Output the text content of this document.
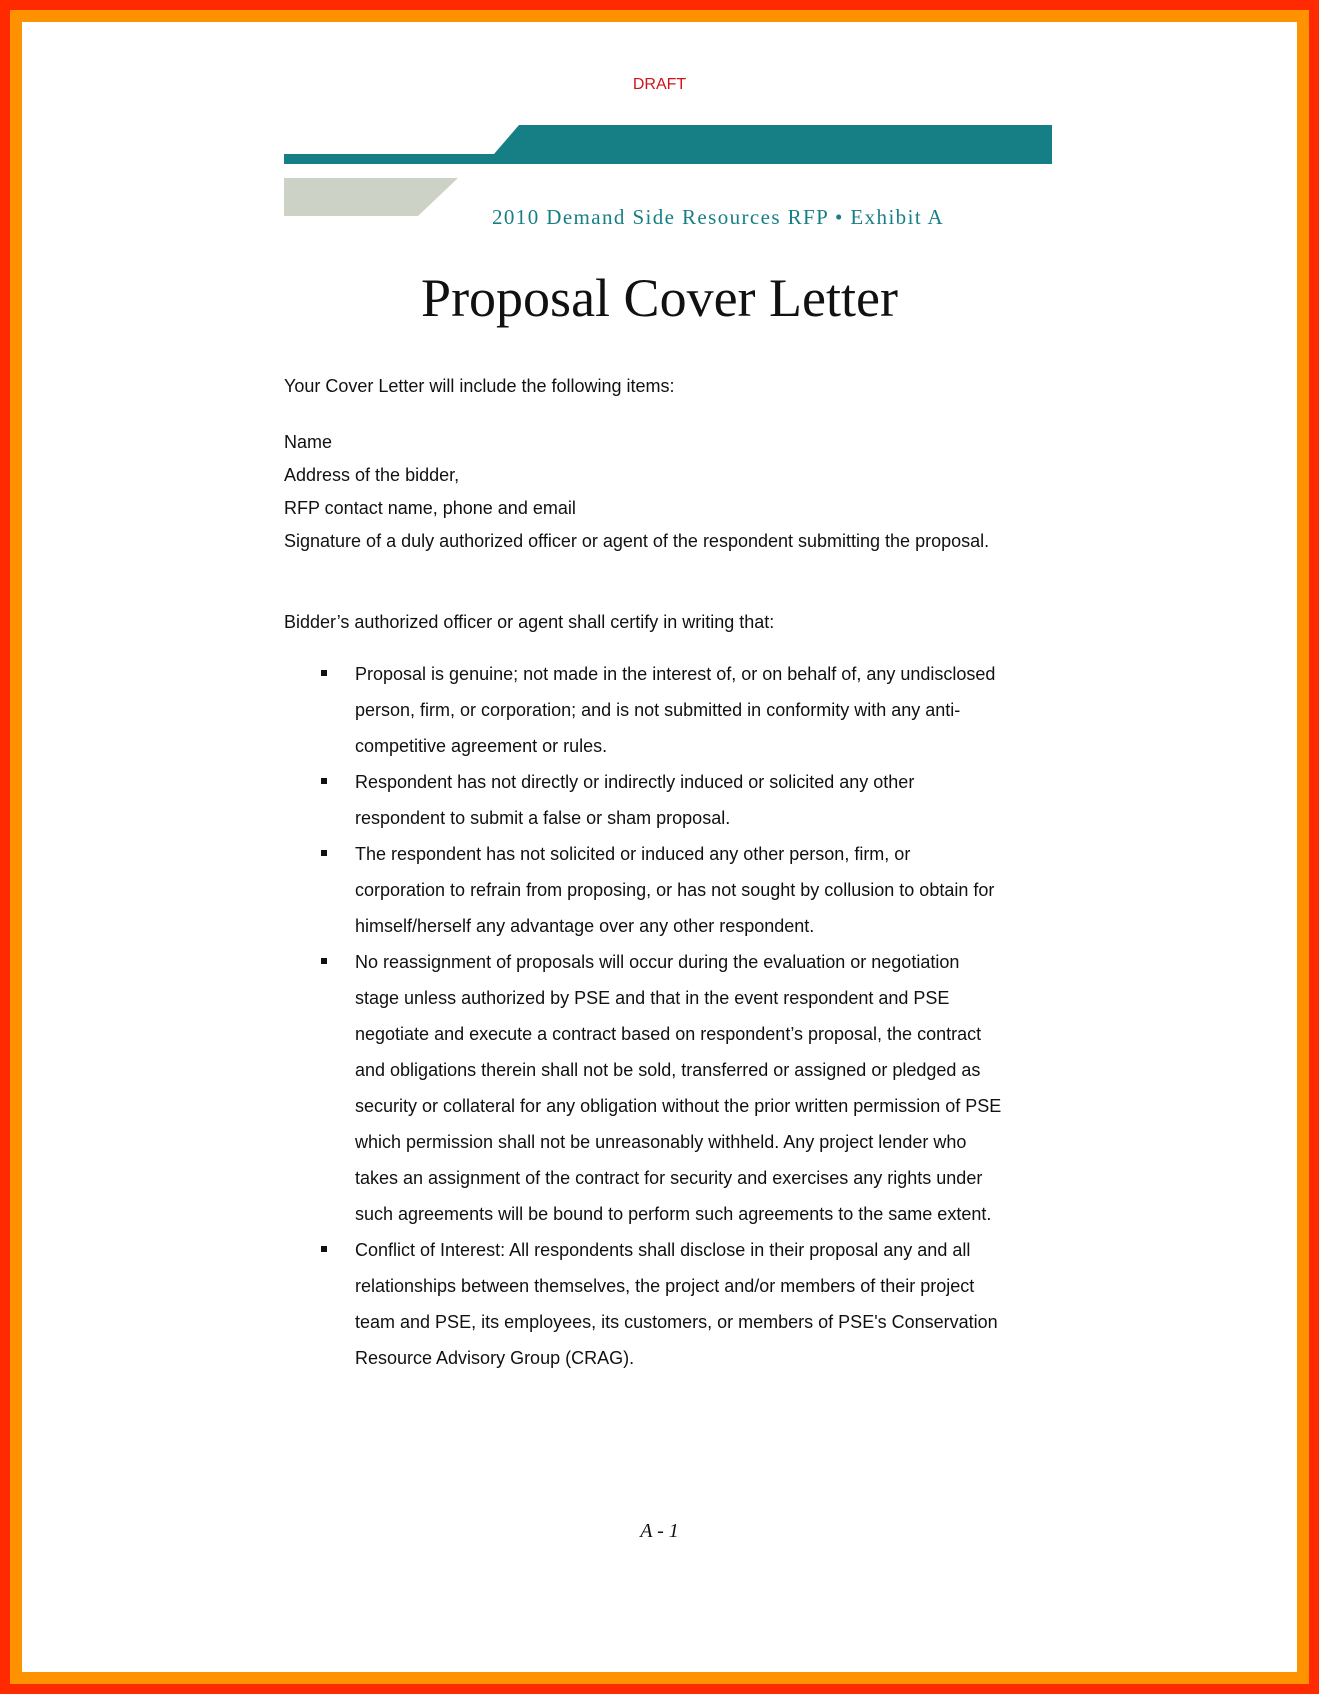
DRAFT
2010 Demand Side Resources RFP • Exhibit A
Proposal Cover Letter
Your Cover Letter will include the following items:
Name
Address of the bidder,
RFP contact name, phone and email
Signature of a duly authorized officer or agent of the respondent submitting the proposal.
Bidder’s authorized officer or agent shall certify in writing that:
Proposal is genuine; not made in the interest of, or on behalf of, any undisclosed
person, firm, or corporation; and is not submitted in conformity with any anti-
competitive agreement or rules.
Respondent has not directly or indirectly induced or solicited any other
respondent to submit a false or sham proposal.
The respondent has not solicited or induced any other person, firm, or
corporation to refrain from proposing, or has not sought by collusion to obtain for
himself/herself any advantage over any other respondent.
No reassignment of proposals will occur during the evaluation or negotiation
stage unless authorized by PSE and that in the event respondent and PSE
negotiate and execute a contract based on respondent’s proposal, the contract
and obligations therein shall not be sold, transferred or assigned or pledged as
security or collateral for any obligation without the prior written permission of PSE
which permission shall not be unreasonably withheld. Any project lender who
takes an assignment of the contract for security and exercises any rights under
such agreements will be bound to perform such agreements to the same extent.
Conflict of Interest: All respondents shall disclose in their proposal any and all
relationships between themselves, the project and/or members of their project
team and PSE, its employees, its customers, or members of PSE's Conservation
Resource Advisory Group (CRAG).
A - 1
